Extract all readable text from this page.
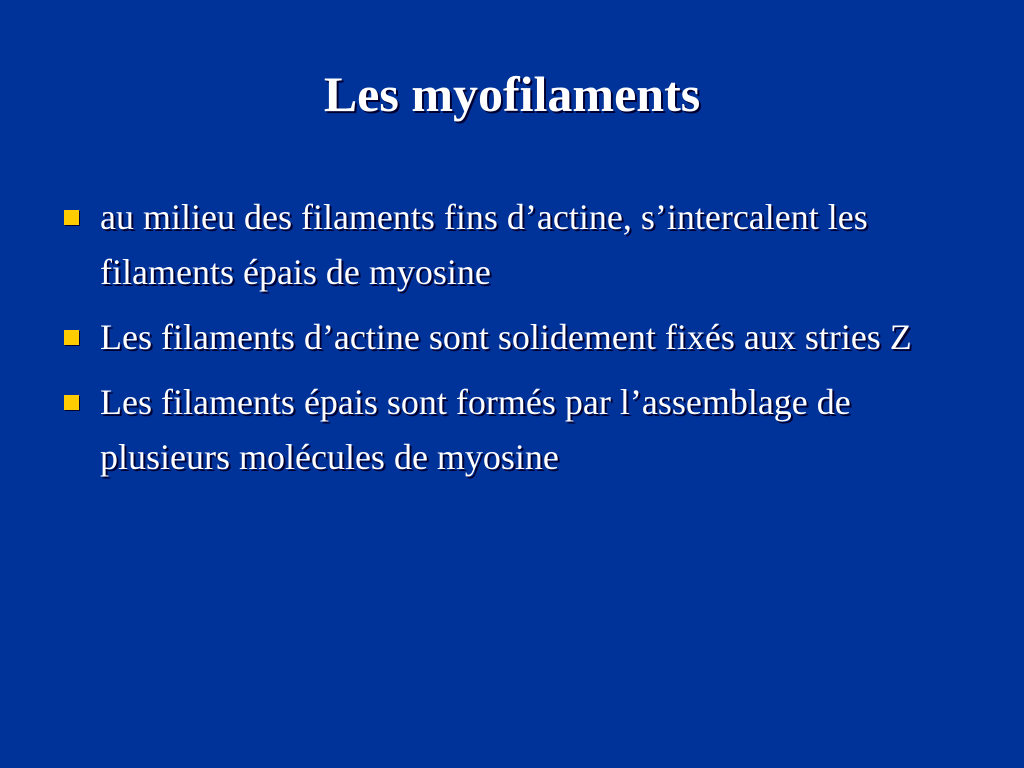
Les myofilaments
au milieu des filaments fins d’actine, s’intercalent les filaments épais de myosine
Les filaments d’actine sont solidement fixés aux stries Z
Les filaments épais sont formés par l’assemblage de plusieurs molécules de myosine
